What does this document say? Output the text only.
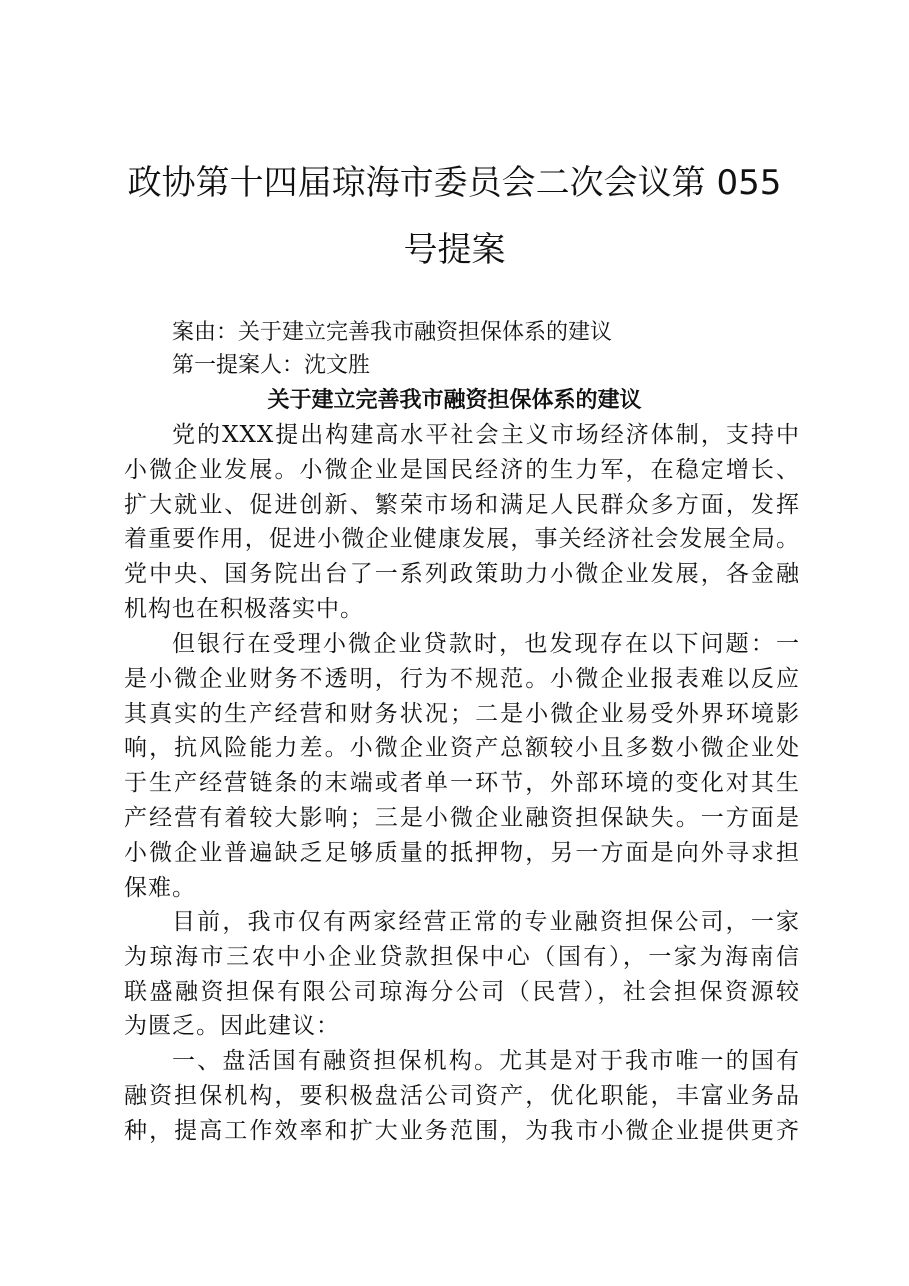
政协第十四届琼海市委员会二次会议第 055
号提案
案由：关于建立完善我市融资担保体系的建议
第一提案人：沈文胜
关于建立完善我市融资担保体系的建议
党的XXX提出构建高水平社会主义市场经济体制，支持中
小微企业发展。小微企业是国民经济的生力军，在稳定增长、
扩大就业、促进创新、繁荣市场和满足人民群众多方面，发挥
着重要作用，促进小微企业健康发展，事关经济社会发展全局。
党中央、国务院出台了一系列政策助力小微企业发展，各金融
机构也在积极落实中。
但银行在受理小微企业贷款时，也发现存在以下问题：一
是小微企业财务不透明，行为不规范。小微企业报表难以反应
其真实的生产经营和财务状况；二是小微企业易受外界环境影
响，抗风险能力差。小微企业资产总额较小且多数小微企业处
于生产经营链条的末端或者单一环节，外部环境的变化对其生
产经营有着较大影响；三是小微企业融资担保缺失。一方面是
小微企业普遍缺乏足够质量的抵押物，另一方面是向外寻求担
保难。
目前，我市仅有两家经营正常的专业融资担保公司，一家
为琼海市三农中小企业贷款担保中心（国有），一家为海南信
联盛融资担保有限公司琼海分公司（民营），社会担保资源较
为匮乏。因此建议：
一、盘活国有融资担保机构。尤其是对于我市唯一的国有
融资担保机构，要积极盘活公司资产，优化职能，丰富业务品
种，提高工作效率和扩大业务范围，为我市小微企业提供更齐
